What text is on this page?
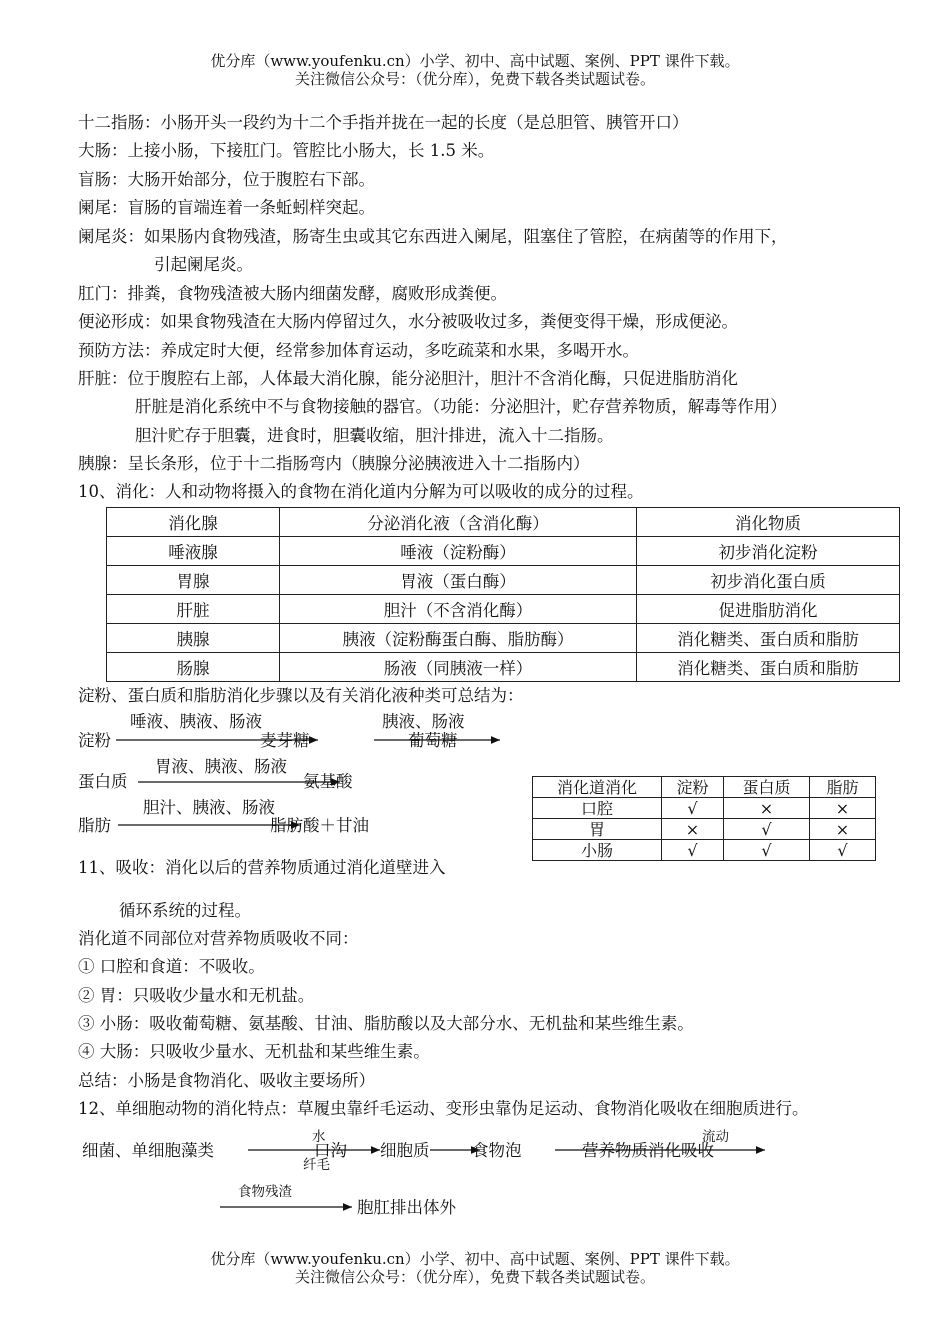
优分库（www.youfenku.cn）小学、初中、高中试题、案例、PPT 课件下载。
关注微信公众号：（优分库），免费下载各类试题试卷。
十二指肠：小肠开头一段约为十二个手指并拢在一起的长度（是总胆管、胰管开口）
大肠：上接小肠，下接肛门。管腔比小肠大，长 1.5 米。
盲肠：大肠开始部分，位于腹腔右下部。
阑尾：盲肠的盲端连着一条蚯蚓样突起。
阑尾炎：如果肠内食物残渣，肠寄生虫或其它东西进入阑尾，阻塞住了管腔，在病菌等的作用下，
引起阑尾炎。
肛门：排粪，食物残渣被大肠内细菌发酵，腐败形成粪便。
便泌形成：如果食物残渣在大肠内停留过久，水分被吸收过多，粪便变得干燥，形成便泌。
预防方法：养成定时大便，经常参加体育运动，多吃疏菜和水果，多喝开水。
肝脏：位于腹腔右上部，人体最大消化腺，能分泌胆汁，胆汁不含消化酶，只促进脂肪消化
肝脏是消化系统中不与食物接触的器官。（功能：分泌胆汁，贮存营养物质，解毒等作用）
胆汁贮存于胆囊，进食时，胆囊收缩，胆汁排进，流入十二指肠。
胰腺：呈长条形，位于十二指肠弯内（胰腺分泌胰液进入十二指肠内）
10、消化：人和动物将摄入的食物在消化道内分解为可以吸收的成分的过程。
消化腺	分泌消化液（含消化酶）	消化物质
唾液腺	唾液（淀粉酶）	初步消化淀粉
胃腺	胃液（蛋白酶）	初步消化蛋白质
肝脏	胆汁（不含消化酶）	促进脂肪消化
胰腺	胰液（淀粉酶蛋白酶、脂肪酶）	消化糖类、蛋白质和脂肪
肠腺	肠液（同胰液一样）	消化糖类、蛋白质和脂肪
淀粉、蛋白质和脂肪消化步骤以及有关消化液种类可总结为：
淀粉
唾液、胰液、肠液
麦芽糖
胰液、肠液
葡萄糖
蛋白质
胃液、胰液、肠液
氨基酸
脂肪
胆汁、胰液、肠液
脂肪酸＋甘油
消化道消化	淀粉	蛋白质	脂肪
口腔	√	×	×
胃	×	√	×
小肠	√	√	√
11、吸收：消化以后的营养物质通过消化道壁进入
循环系统的过程。
消化道不同部位对营养物质吸收不同：
① 口腔和食道：不吸收。
② 胃：只吸收少量水和无机盐。
③ 小肠：吸收葡萄糖、氨基酸、甘油、脂肪酸以及大部分水、无机盐和某些维生素。
④ 大肠：只吸收少量水、无机盐和某些维生素。
总结：小肠是食物消化、吸收主要场所）
12、单细胞动物的消化特点：草履虫靠纤毛运动、变形虫靠伪足运动、食物消化吸收在细胞质进行。
细菌、单细胞藻类
水
纤毛
口沟 细胞质	食物泡	营养物质消化吸收
流动
食物残渣
胞肛排出体外
优分库（www.youfenku.cn）小学、初中、高中试题、案例、PPT 课件下载。
关注微信公众号：（优分库），免费下载各类试题试卷。
